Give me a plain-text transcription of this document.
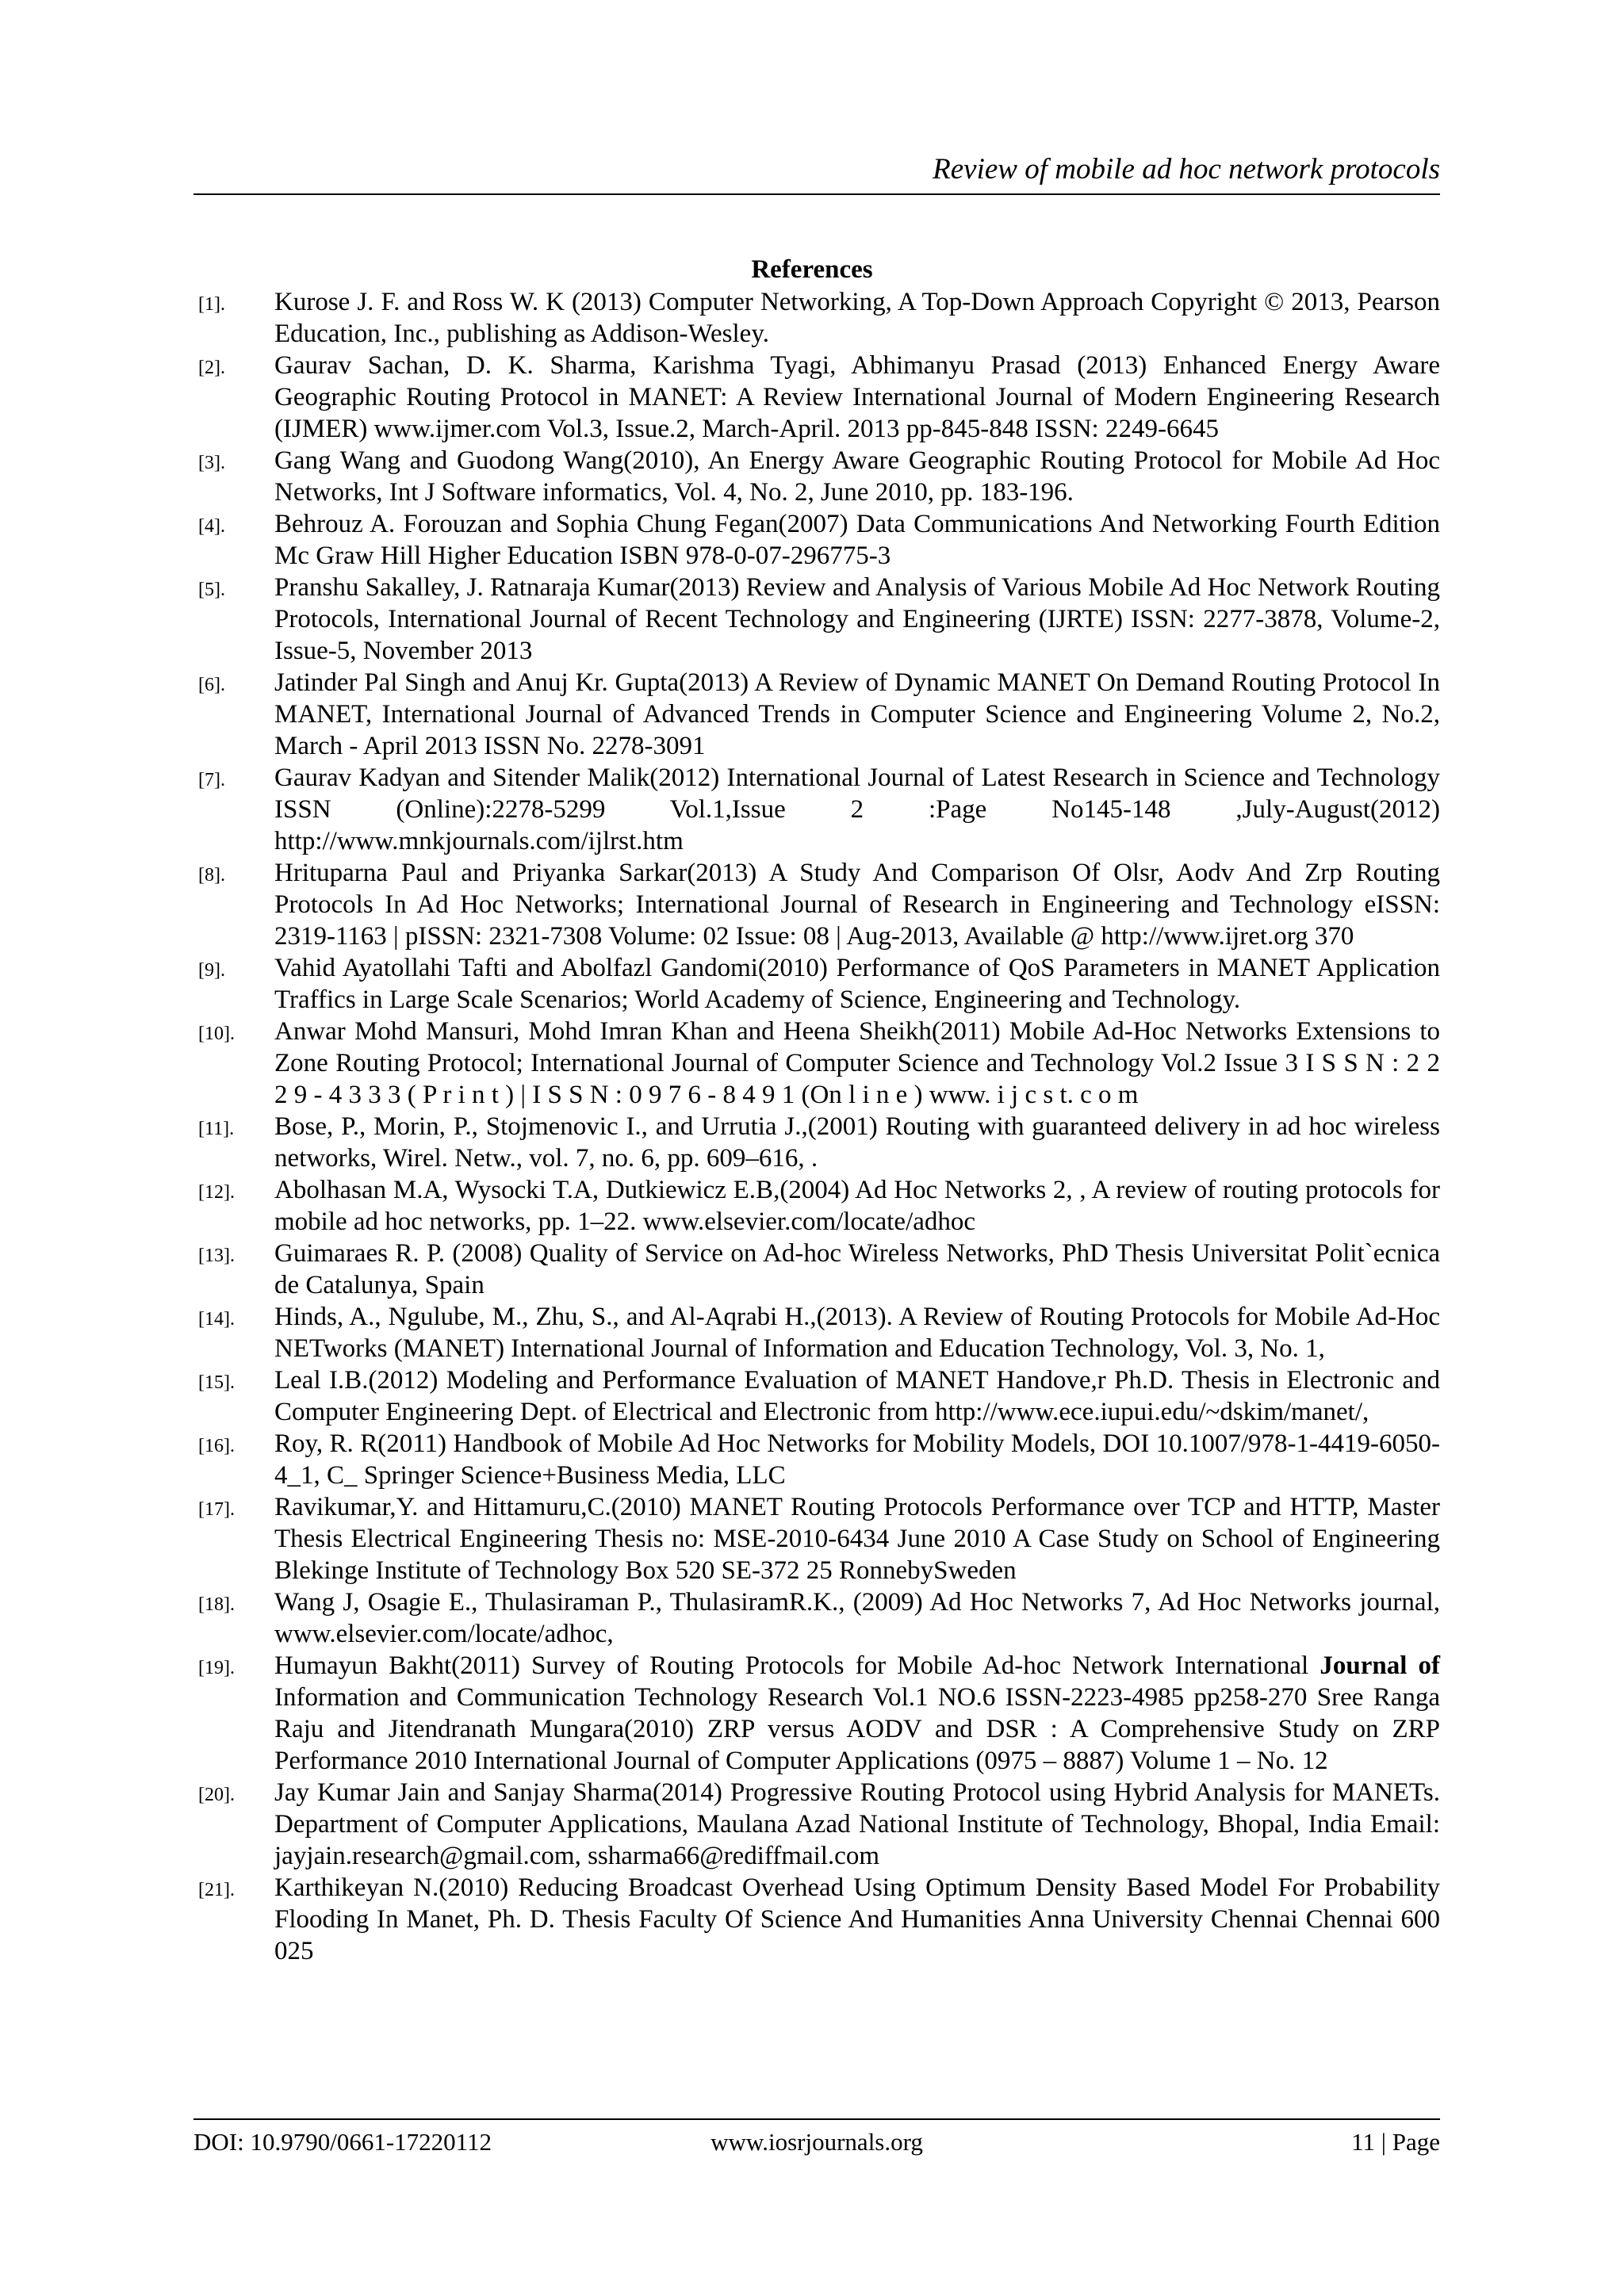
Review of mobile ad hoc network protocols
References
[1].	Kurose J. F. and Ross W. K (2013) Computer Networking, A Top-Down Approach Copyright © 2013, Pearson Education, Inc., publishing as Addison-Wesley.
[2].	Gaurav Sachan, D. K. Sharma, Karishma Tyagi, Abhimanyu Prasad (2013) Enhanced Energy Aware Geographic Routing Protocol in MANET: A Review International Journal of Modern Engineering Research (IJMER) www.ijmer.com Vol.3, Issue.2, March-April. 2013 pp-845-848 ISSN: 2249-6645
[3].	Gang Wang and Guodong Wang(2010), An Energy Aware Geographic Routing Protocol for Mobile Ad Hoc Networks, Int J Software informatics, Vol. 4, No. 2, June 2010, pp. 183-196.
[4].	Behrouz A. Forouzan and Sophia Chung Fegan(2007) Data Communications And Networking Fourth Edition Mc Graw Hill Higher Education ISBN 978-0-07-296775-3
[5].	Pranshu Sakalley, J. Ratnaraja Kumar(2013) Review and Analysis of Various Mobile Ad Hoc Network Routing Protocols, International Journal of Recent Technology and Engineering (IJRTE) ISSN: 2277-3878, Volume-2, Issue-5, November 2013
[6].	Jatinder Pal Singh and Anuj Kr. Gupta(2013) A Review of Dynamic MANET On Demand Routing Protocol In MANET, International Journal of Advanced Trends in Computer Science and Engineering Volume 2, No.2, March - April 2013 ISSN No. 2278-3091
[7].	Gaurav Kadyan and Sitender Malik(2012) International Journal of Latest Research in Science and Technology ISSN (Online):2278-5299 Vol.1,Issue 2 :Page No145-148 ,July-August(2012) http://www.mnkjournals.com/ijlrst.htm
[8].	Hrituparna Paul and Priyanka Sarkar(2013) A Study And Comparison Of Olsr, Aodv And Zrp Routing Protocols In Ad Hoc Networks; International Journal of Research in Engineering and Technology eISSN: 2319-1163 | pISSN: 2321-7308 Volume: 02 Issue: 08 | Aug-2013, Available @ http://www.ijret.org 370
[9].	Vahid Ayatollahi Tafti and Abolfazl Gandomi(2010) Performance of QoS Parameters in MANET Application Traffics in Large Scale Scenarios; World Academy of Science, Engineering and Technology.
[10].	Anwar Mohd Mansuri, Mohd Imran Khan and Heena Sheikh(2011) Mobile Ad-Hoc Networks Extensions to Zone Routing Protocol; International Journal of Computer Science and Technology Vol.2 Issue 3 I S S N : 2 2 2 9 - 4 3 3 3 ( P r i n t ) | I S S N : 0 9 7 6 - 8 4 9 1 (On l i n e ) www. i j c s t. c o m
[11].	Bose, P., Morin, P., Stojmenovic I., and Urrutia J.,(2001) Routing with guaranteed delivery in ad hoc wireless networks, Wirel. Netw., vol. 7, no. 6, pp. 609–616, .
[12].	Abolhasan M.A, Wysocki T.A, Dutkiewicz E.B,(2004) Ad Hoc Networks 2, , A review of routing protocols for mobile ad hoc networks, pp. 1–22. www.elsevier.com/locate/adhoc
[13].	Guimaraes R. P. (2008) Quality of Service on Ad-hoc Wireless Networks, PhD Thesis Universitat Polit`ecnica de Catalunya, Spain
[14].	Hinds, A., Ngulube, M., Zhu, S., and Al-Aqrabi H.,(2013). A Review of Routing Protocols for Mobile Ad-Hoc NETworks (MANET) International Journal of Information and Education Technology, Vol. 3, No. 1,
[15].	Leal I.B.(2012) Modeling and Performance Evaluation of MANET Handove,r Ph.D. Thesis in Electronic and Computer Engineering Dept. of Electrical and Electronic from http://www.ece.iupui.edu/~dskim/manet/,
[16].	Roy, R. R(2011) Handbook of Mobile Ad Hoc Networks for Mobility Models, DOI 10.1007/978-1-4419-6050-4_1, C_ Springer Science+Business Media, LLC
[17].	Ravikumar,Y. and Hittamuru,C.(2010) MANET Routing Protocols Performance over TCP and HTTP, Master Thesis Electrical Engineering Thesis no: MSE-2010-6434 June 2010 A Case Study on School of Engineering Blekinge Institute of Technology Box 520 SE-372 25 RonnebySweden
[18].	Wang J, Osagie E., Thulasiraman P., ThulasiramR.K., (2009) Ad Hoc Networks 7, Ad Hoc Networks journal, www.elsevier.com/locate/adhoc,
[19].	Humayun Bakht(2011) Survey of Routing Protocols for Mobile Ad-hoc Network International Journal of Information and Communication Technology Research Vol.1 NO.6 ISSN-2223-4985 pp258-270 Sree Ranga Raju and Jitendranath Mungara(2010) ZRP versus AODV and DSR : A Comprehensive Study on ZRP Performance 2010 International Journal of Computer Applications (0975 – 8887) Volume 1 – No. 12
[20].	Jay Kumar Jain and Sanjay Sharma(2014) Progressive Routing Protocol using Hybrid Analysis for MANETs. Department of Computer Applications, Maulana Azad National Institute of Technology, Bhopal, India Email: jayjain.research@gmail.com, ssharma66@rediffmail.com
[21].	Karthikeyan N.(2010) Reducing Broadcast Overhead Using Optimum Density Based Model For Probability Flooding In Manet, Ph. D. Thesis Faculty Of Science And Humanities Anna University Chennai Chennai 600 025
DOI: 10.9790/0661-17220112	www.iosrjournals.org	11 | Page
